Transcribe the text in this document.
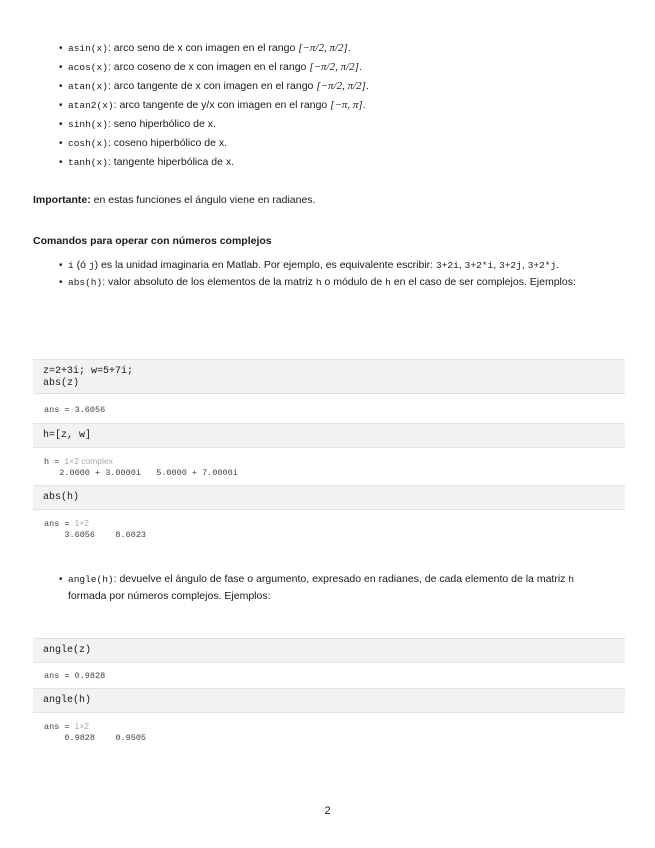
• asin(x): arco seno de x con imagen en el rango [−π/2, π/2].
• acos(x): arco coseno de x con imagen en el rango [−π/2, π/2].
• atan(x): arco tangente de x con imagen en el rango [−π/2, π/2].
• atan2(x): arco tangente de y/x con imagen en el rango [−π, π].
• sinh(x): seno hiperbólico de x.
• cosh(x): coseno hiperbólico de x.
• tanh(x): tangente hiperbólica de x.
Importante: en estas funciones el ángulo viene en radianes.
Comandos para operar con números complejos
• i (ó j) es la unidad imaginaria en Matlab. Por ejemplo, es equivalente escribir: 3+2i, 3+2*i, 3+2j, 3+2*j.
• abs(h): valor absoluto de los elementos de la matriz h o módulo de h en el caso de ser complejos. Ejemplos:
z=2+3i; w=5+7i;
abs(z)
ans = 3.6056
h=[z, w]
h = 1×2 complex
2.0000 + 3.0000i   5.0000 + 7.0000i
abs(h)
ans = 1×2
3.6056    8.6023
• angle(h): devuelve el ángulo de fase o argumento, expresado en radianes, de cada elemento de la matriz h formada por números complejos. Ejemplos:
angle(z)
ans = 0.9828
angle(h)
ans = 1×2
0.9828    0.9505
2
